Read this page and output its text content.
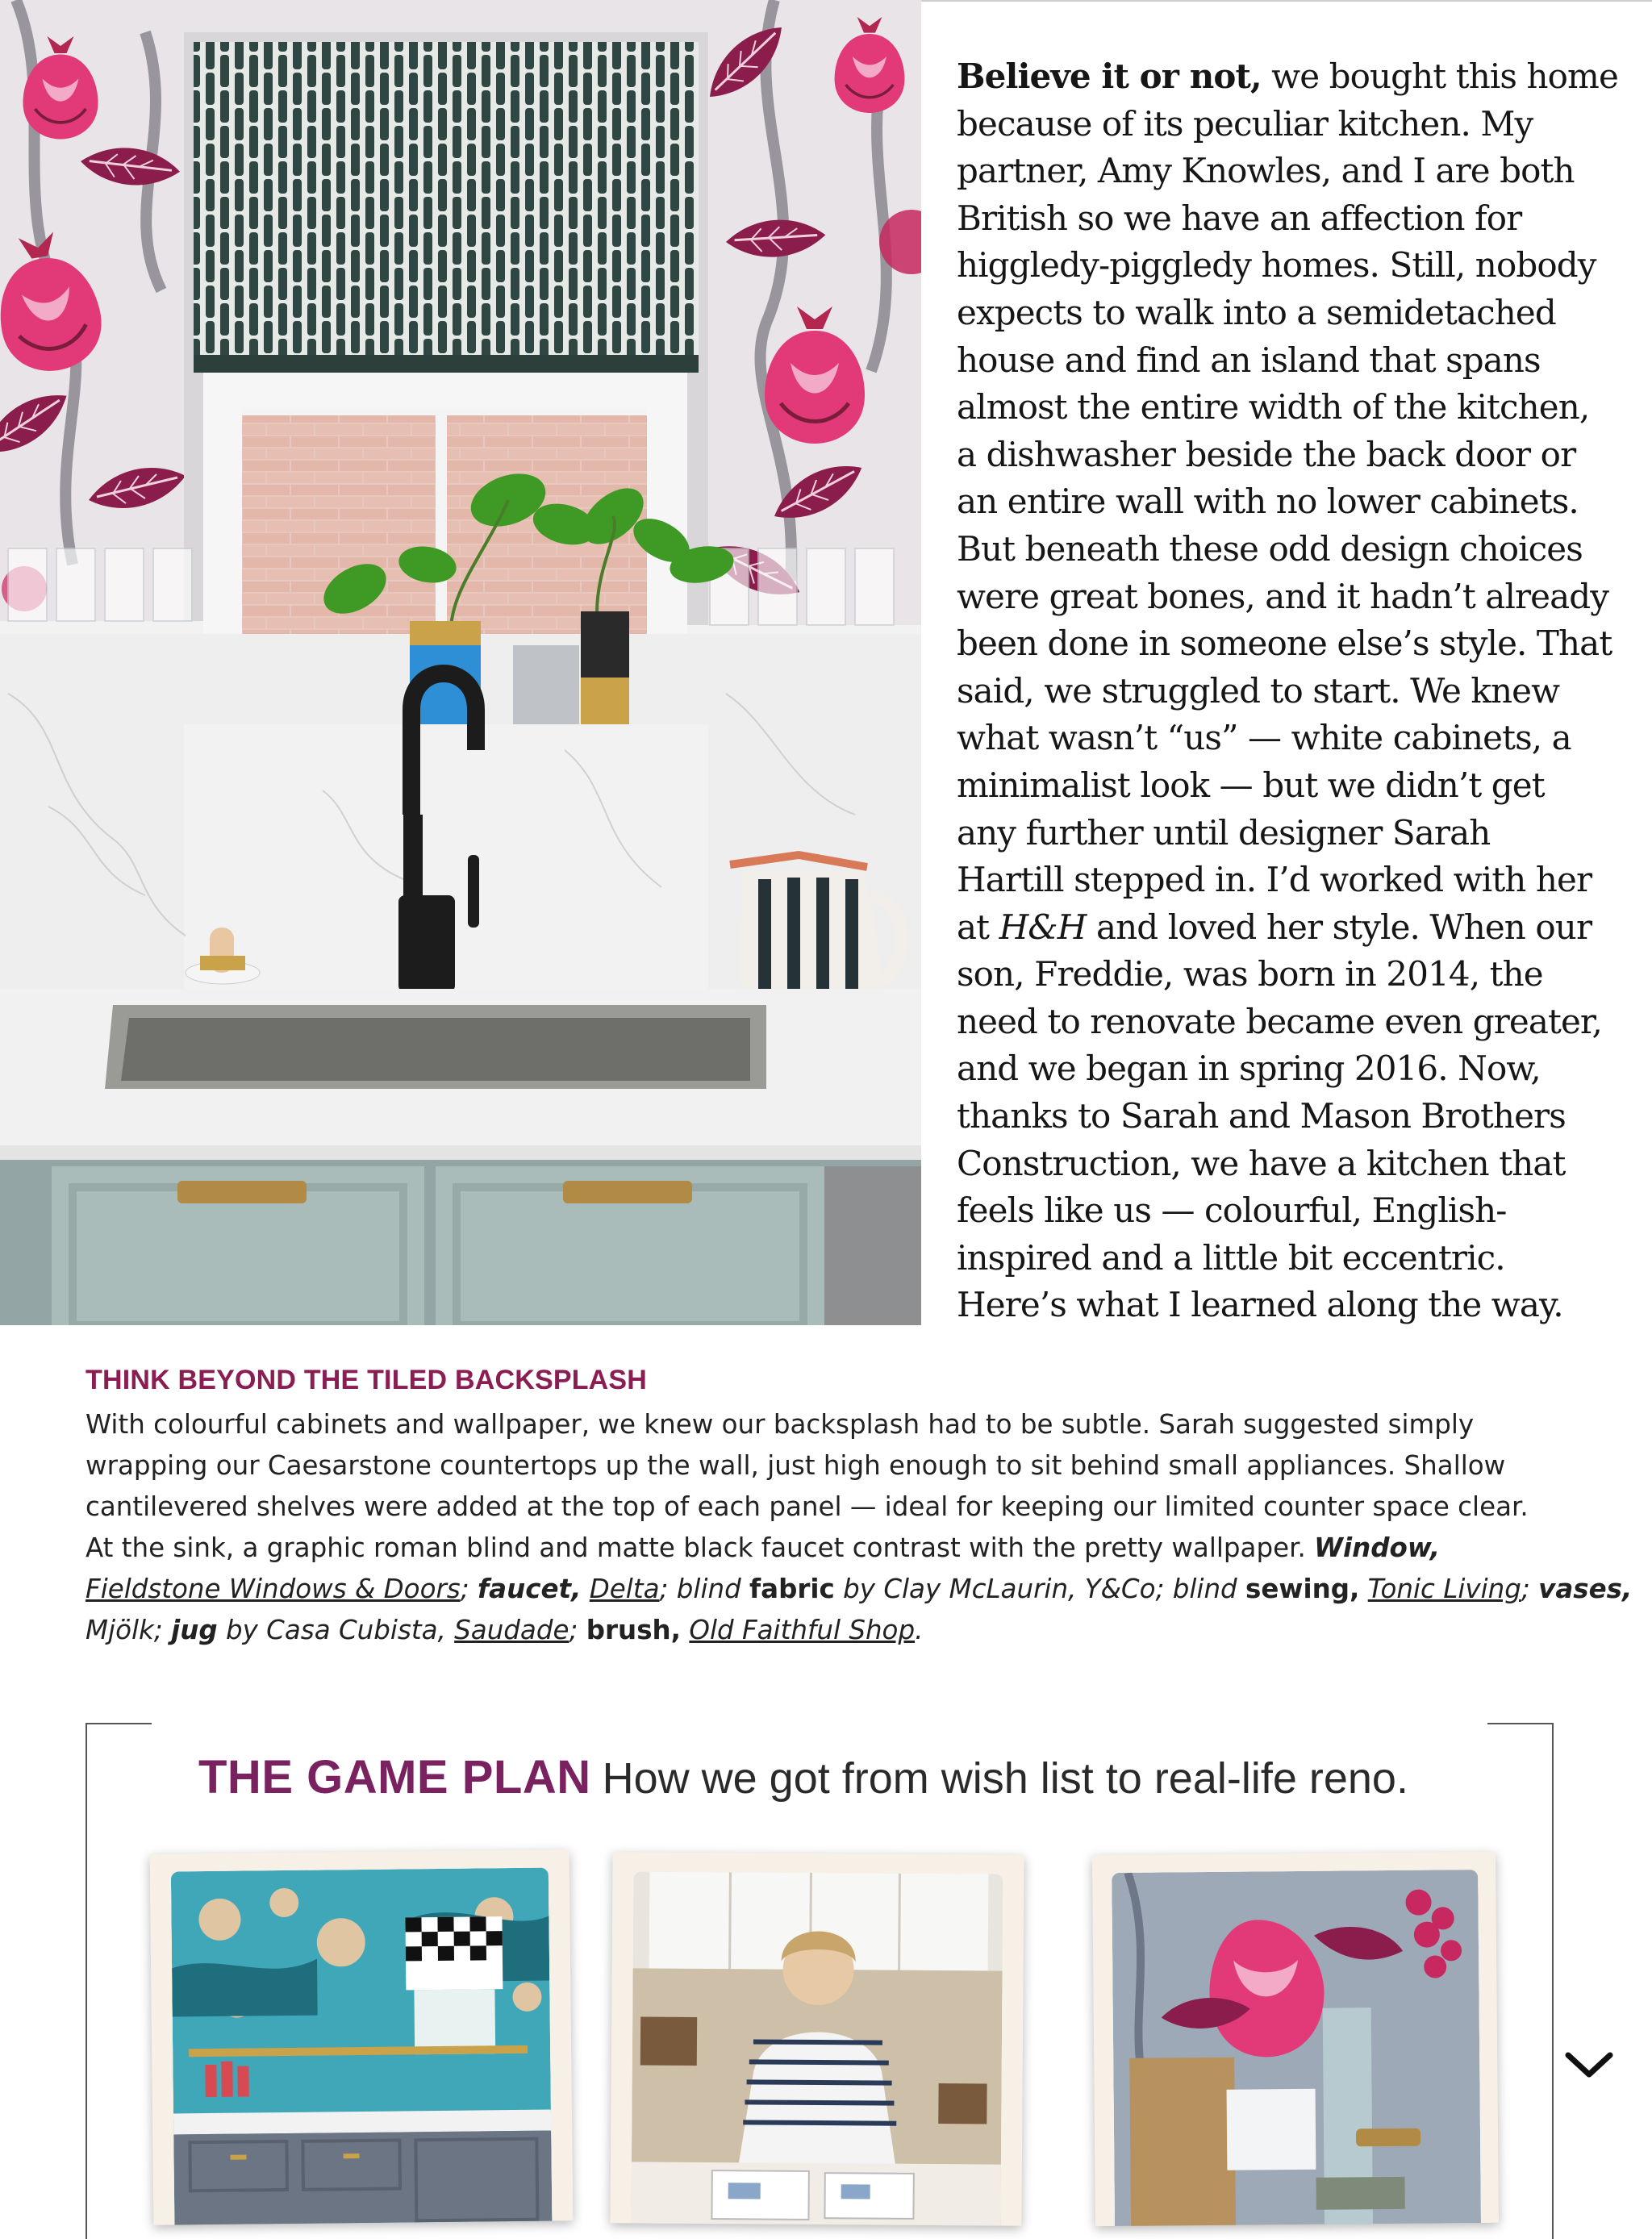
Believe it or not, we bought this home
because of its peculiar kitchen. My
partner, Amy Knowles, and I are both
British so we have an affection for
higgledy-piggledy homes. Still, nobody
expects to walk into a semidetached
house and find an island that spans
almost the entire width of the kitchen,
a dishwasher beside the back door or
an entire wall with no lower cabinets.
But beneath these odd design choices
were great bones, and it hadn’t already
been done in someone else’s style. That
said, we struggled to start. We knew
what wasn’t “us” — white cabinets, a
minimalist look — but we didn’t get
any further until designer Sarah
Hartill stepped in. I’d worked with her
at H&H and loved her style. When our
son, Freddie, was born in 2014, the
need to renovate became even greater,
and we began in spring 2016. Now,
thanks to Sarah and Mason Brothers
Construction, we have a kitchen that
feels like us — colourful, English-
inspired and a little bit eccentric.
Here’s what I learned along the way.
THINK BEYOND THE TILED BACKSPLASH
With colourful cabinets and wallpaper, we knew our backsplash had to be subtle. Sarah suggested simply
wrapping our Caesarstone countertops up the wall, just high enough to sit behind small appliances. Shallow
cantilevered shelves were added at the top of each panel — ideal for keeping our limited counter space clear.
At the sink, a graphic roman blind and matte black faucet contrast with the pretty wallpaper. Window,
Fieldstone Windows & Doors; faucet, Delta; blind fabric by Clay McLaurin, Y&Co; blind sewing, Tonic Living; vases,
Mjölk; jug by Casa Cubista, Saudade; brush, Old Faithful Shop.
THE GAME PLAN How we got from wish list to real-life reno.
